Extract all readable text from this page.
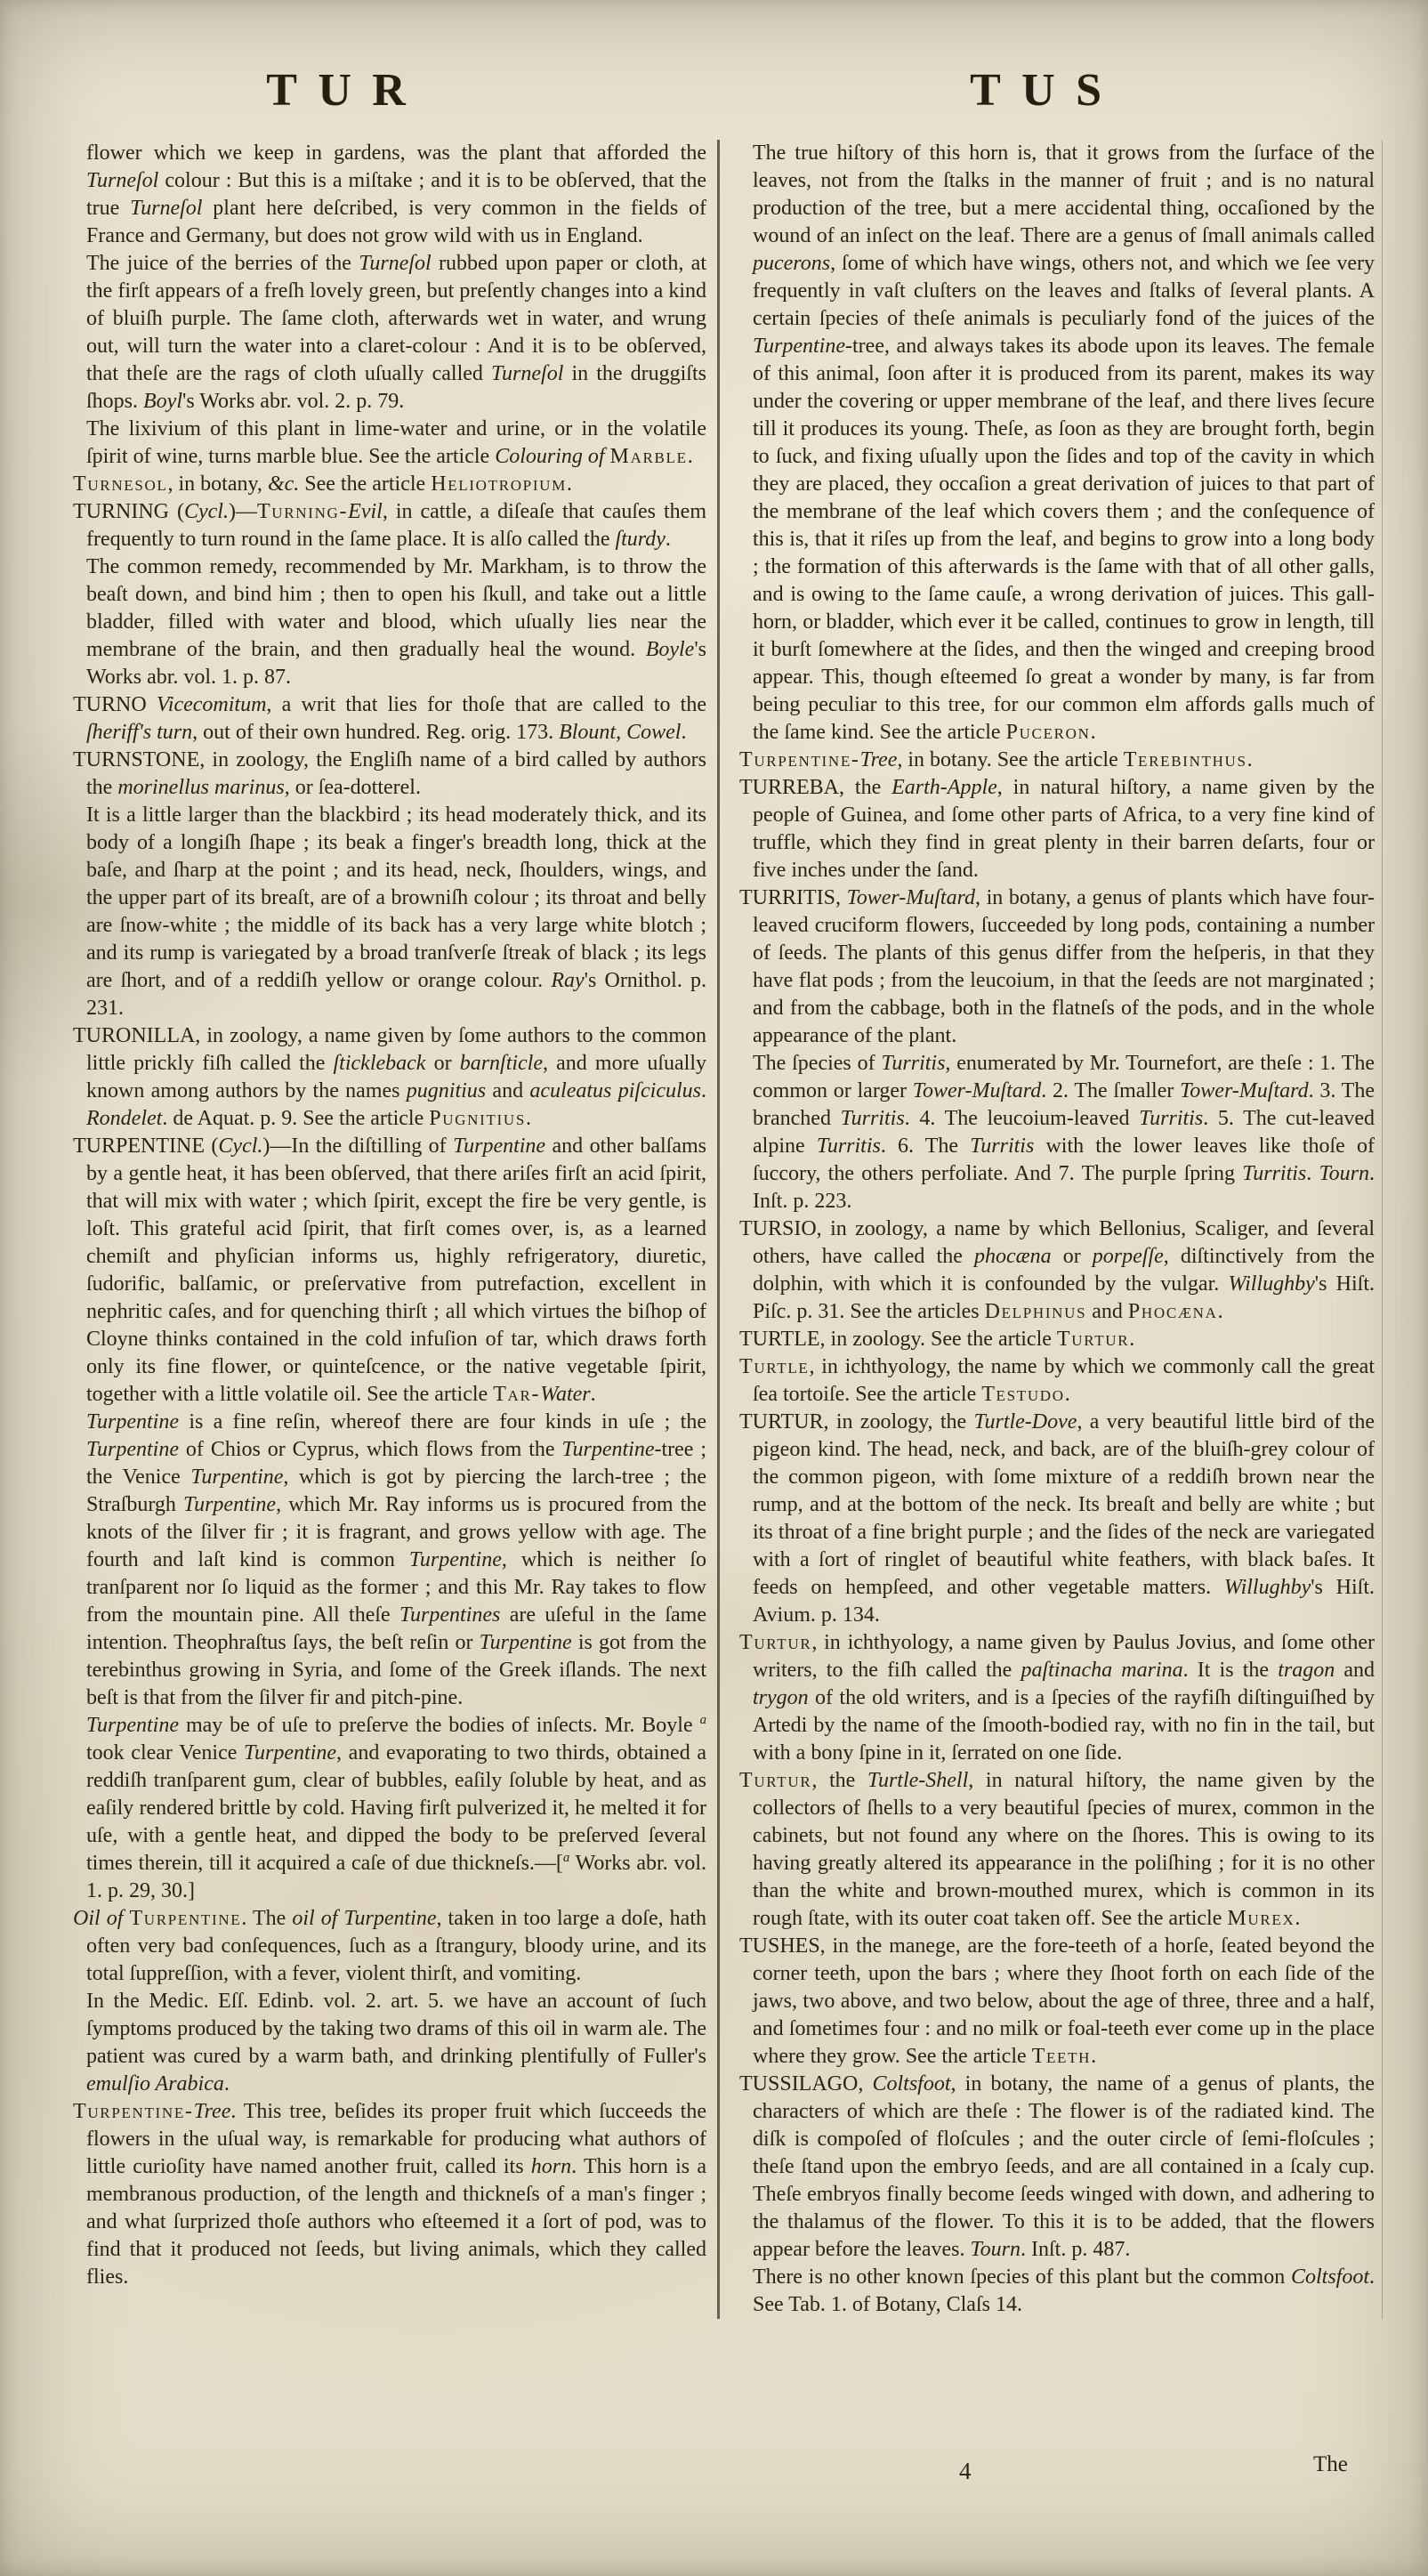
TUR	TUS

flower which we keep in gardens, was the plant that afforded the Turneſol colour : But this is a miſtake ; and it is to be obſerved, that the true Turneſol plant here deſcribed, is very common in the fields of France and Germany, but does not grow wild with us in England.

The juice of the berries of the Turneſol rubbed upon paper or cloth, at the firſt appears of a freſh lovely green, but preſently changes into a kind of bluiſh purple. The ſame cloth, afterwards wet in water, and wrung out, will turn the water into a claret-colour : And it is to be obſerved, that theſe are the rags of cloth uſually called Turneſol in the druggiſts ſhops. Boyl's Works abr. vol. 2. p. 79.

The lixivium of this plant in lime-water and urine, or in the volatile ſpirit of wine, turns marble blue. See the article Colouring of Marble.

Turnesol, in botany, &c. See the article Heliotropium.

TURNING (Cycl.)—Turning-Evil, in cattle, a diſeaſe that cauſes them frequently to turn round in the ſame place. It is alſo called the ſturdy.

The common remedy, recommended by Mr. Markham, is to throw the beaſt down, and bind him ; then to open his ſkull, and take out a little bladder, filled with water and blood, which uſually lies near the membrane of the brain, and then gradually heal the wound. Boyle's Works abr. vol. 1. p. 87.

TURNO Vicecomitum, a writ that lies for thoſe that are called to the ſheriff's turn, out of their own hundred. Reg. orig. 173. Blount, Cowel.

TURNSTONE, in zoology, the Engliſh name of a bird called by authors the morinellus marinus, or ſea-dotterel.

It is a little larger than the blackbird ; its head moderately thick, and its body of a longiſh ſhape ; its beak a finger's breadth long, thick at the baſe, and ſharp at the point ; and its head, neck, ſhoulders, wings, and the upper part of its breaſt, are of a browniſh colour ; its throat and belly are ſnow-white ; the middle of its back has a very large white blotch ; and its rump is variegated by a broad tranſverſe ſtreak of black ; its legs are ſhort, and of a reddiſh yellow or orange colour. Ray's Ornithol. p. 231.

TURONILLA, in zoology, a name given by ſome authors to the common little prickly fiſh called the ſtickleback or barnſticle, and more uſually known among authors by the names pugnitius and aculeatus piſciculus. Rondelet. de Aquat. p. 9. See the article Pugnitius.

TURPENTINE (Cycl.)—In the diſtilling of Turpentine and other balſams by a gentle heat, it has been obſerved, that there ariſes firſt an acid ſpirit, that will mix with water ; which ſpirit, except the fire be very gentle, is loſt. This grateful acid ſpirit, that firſt comes over, is, as a learned chemiſt and phyſician informs us, highly refrigeratory, diuretic, ſudorific, balſamic, or preſervative from putrefaction, excellent in nephritic caſes, and for quenching thirſt ; all which virtues the biſhop of Cloyne thinks contained in the cold infuſion of tar, which draws forth only its fine flower, or quinteſcence, or the native vegetable ſpirit, together with a little volatile oil. See the article Tar-Water.

Turpentine is a fine reſin, whereof there are four kinds in uſe ; the Turpentine of Chios or Cyprus, which flows from the Turpentine-tree ; the Venice Turpentine, which is got by piercing the larch-tree ; the Straſburgh Turpentine, which Mr. Ray informs us is procured from the knots of the ſilver fir ; it is fragrant, and grows yellow with age. The fourth and laſt kind is common Turpentine, which is neither ſo tranſparent nor ſo liquid as the former ; and this Mr. Ray takes to flow from the mountain pine. All theſe Turpentines are uſeful in the ſame intention. Theophraſtus ſays, the beſt reſin or Turpentine is got from the terebinthus growing in Syria, and ſome of the Greek iſlands. The next beſt is that from the ſilver fir and pitch-pine.

Turpentine may be of uſe to preſerve the bodies of inſects. Mr. Boyle $^a$ took clear Venice Turpentine, and evaporating to two thirds, obtained a reddiſh tranſparent gum, clear of bubbles, eaſily ſoluble by heat, and as eaſily rendered brittle by cold. Having firſt pulverized it, he melted it for uſe, with a gentle heat, and dipped the body to be preſerved ſeveral times therein, till it acquired a caſe of due thickneſs.—[$^a$ Works abr. vol. 1. p. 29, 30.]

Oil of Turpentine. The oil of Turpentine, taken in too large a doſe, hath often very bad conſequences, ſuch as a ſtrangury, bloody urine, and its total ſuppreſſion, with a fever, violent thirſt, and vomiting.

In the Medic. Eſſ. Edinb. vol. 2. art. 5. we have an account of ſuch ſymptoms produced by the taking two drams of this oil in warm ale. The patient was cured by a warm bath, and drinking plentifully of Fuller's emulſio Arabica.

Turpentine-Tree. This tree, beſides its proper fruit which ſucceeds the flowers in the uſual way, is remarkable for producing what authors of little curioſity have named another fruit, called its horn. This horn is a membranous production, of the length and thickneſs of a man's finger ; and what ſurprized thoſe authors who eſteemed it a ſort of pod, was to find that it produced not ſeeds, but living animals, which they called flies.

The true hiſtory of this horn is, that it grows from the ſurface of the leaves, not from the ſtalks in the manner of fruit ; and is no natural production of the tree, but a mere accidental thing, occaſioned by the wound of an inſect on the leaf. There are a genus of ſmall animals called pucerons, ſome of which have wings, others not, and which we ſee very frequently in vaſt cluſters on the leaves and ſtalks of ſeveral plants. A certain ſpecies of theſe animals is peculiarly fond of the juices of the Turpentine-tree, and always takes its abode upon its leaves. The female of this animal, ſoon after it is produced from its parent, makes its way under the covering or upper membrane of the leaf, and there lives ſecure till it produces its young. Theſe, as ſoon as they are brought forth, begin to ſuck, and fixing uſually upon the ſides and top of the cavity in which they are placed, they occaſion a great derivation of juices to that part of the membrane of the leaf which covers them ; and the conſequence of this is, that it riſes up from the leaf, and begins to grow into a long body ; the formation of this afterwards is the ſame with that of all other galls, and is owing to the ſame cauſe, a wrong derivation of juices. This gall-horn, or bladder, which ever it be called, continues to grow in length, till it burſt ſomewhere at the ſides, and then the winged and creeping brood appear. This, though eſteemed ſo great a wonder by many, is far from being peculiar to this tree, for our common elm affords galls much of the ſame kind. See the article Puceron.

Turpentine-Tree, in botany. See the article Terebinthus.

TURREBA, the Earth-Apple, in natural hiſtory, a name given by the people of Guinea, and ſome other parts of Africa, to a very fine kind of truffle, which they find in great plenty in their barren deſarts, four or five inches under the ſand.

TURRITIS, Tower-Muſtard, in botany, a genus of plants which have four-leaved cruciform flowers, ſucceeded by long pods, containing a number of ſeeds. The plants of this genus differ from the heſperis, in that they have flat pods ; from the leucoium, in that the ſeeds are not marginated ; and from the cabbage, both in the flatneſs of the pods, and in the whole appearance of the plant.

The ſpecies of Turritis, enumerated by Mr. Tournefort, are theſe : 1. The common or larger Tower-Muſtard. 2. The ſmaller Tower-Muſtard. 3. The branched Turritis. 4. The leucoium-leaved Turritis. 5. The cut-leaved alpine Turritis. 6. The Turritis with the lower leaves like thoſe of ſuccory, the others perfoliate. And 7. The purple ſpring Turritis. Tourn. Inſt. p. 223.

TURSIO, in zoology, a name by which Bellonius, Scaliger, and ſeveral others, have called the phocæna or porpeſſe, diſtinctively from the dolphin, with which it is confounded by the vulgar. Willughby's Hiſt. Piſc. p. 31. See the articles Delphinus and Phocæna.

TURTLE, in zoology. See the article Turtur.

Turtle, in ichthyology, the name by which we commonly call the great ſea tortoiſe. See the article Testudo.

TURTUR, in zoology, the Turtle-Dove, a very beautiful little bird of the pigeon kind. The head, neck, and back, are of the bluiſh-grey colour of the common pigeon, with ſome mixture of a reddiſh brown near the rump, and at the bottom of the neck. Its breaſt and belly are white ; but its throat of a fine bright purple ; and the ſides of the neck are variegated with a ſort of ringlet of beautiful white feathers, with black baſes. It feeds on hempſeed, and other vegetable matters. Willughby's Hiſt. Avium. p. 134.

Turtur, in ichthyology, a name given by Paulus Jovius, and ſome other writers, to the fiſh called the paſtinacha marina. It is the tragon and trygon of the old writers, and is a ſpecies of the rayfiſh diſtinguiſhed by Artedi by the name of the ſmooth-bodied ray, with no fin in the tail, but with a bony ſpine in it, ſerrated on one ſide.

Turtur, the Turtle-Shell, in natural hiſtory, the name given by the collectors of ſhells to a very beautiful ſpecies of murex, common in the cabinets, but not found any where on the ſhores. This is owing to its having greatly altered its appearance in the poliſhing ; for it is no other than the white and brown-mouthed murex, which is common in its rough ſtate, with its outer coat taken off. See the article Murex.

TUSHES, in the manege, are the fore-teeth of a horſe, ſeated beyond the corner teeth, upon the bars ; where they ſhoot forth on each ſide of the jaws, two above, and two below, about the age of three, three and a half, and ſometimes four : and no milk or foal-teeth ever come up in the place where they grow. See the article Teeth.

TUSSILAGO, Coltsfoot, in botany, the name of a genus of plants, the characters of which are theſe : The flower is of the radiated kind. The diſk is compoſed of floſcules ; and the outer circle of ſemi-floſcules ; theſe ſtand upon the embryo ſeeds, and are all contained in a ſcaly cup. Theſe embryos finally become ſeeds winged with down, and adhering to the thalamus of the flower. To this it is to be added, that the flowers appear before the leaves. Tourn. Inſt. p. 487.

There is no other known ſpecies of this plant but the common Coltsfoot. See Tab. 1. of Botany, Claſs 14.

4	The
